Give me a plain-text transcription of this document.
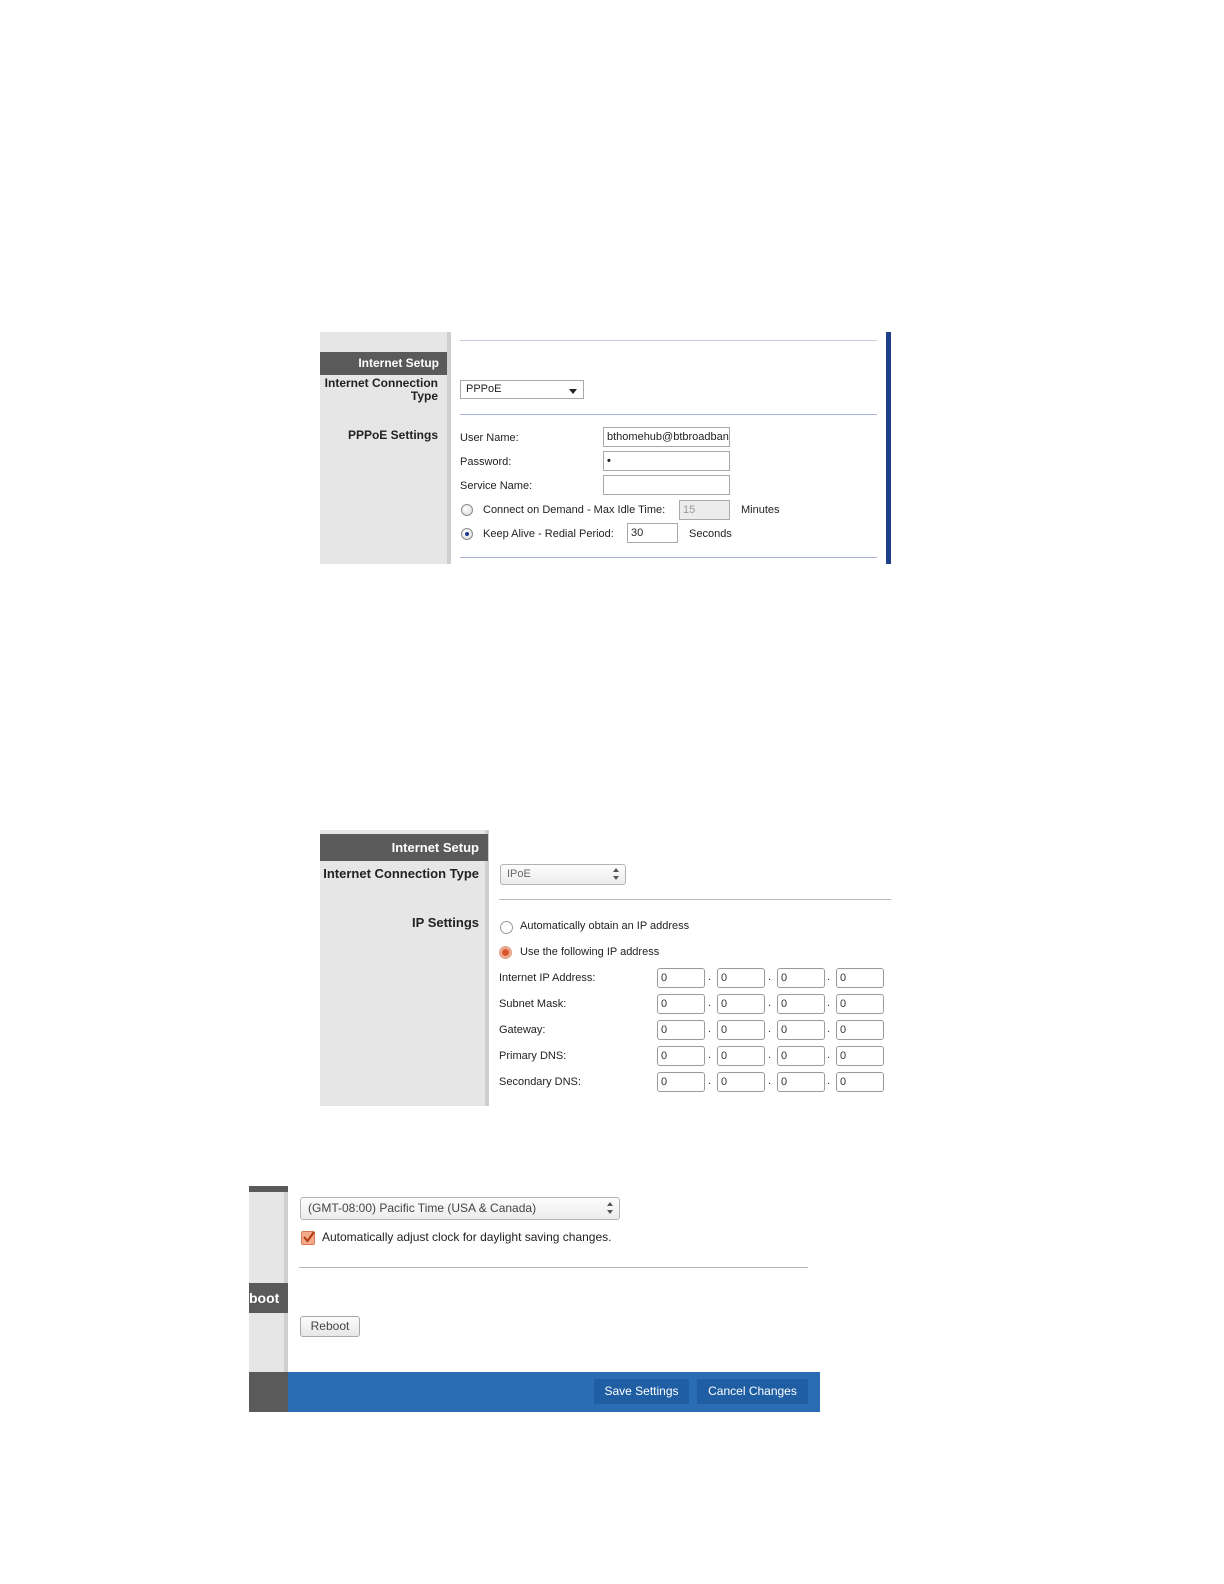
Internet Setup
Internet Connection
Type	PPPoE
PPPoE Settings User Name:	bthomehub@btbroadban
Password:	•
Service Name:
Connect on Demand - Max Idle Time:	15	Minutes
Keep Alive - Redial Period:	30	Seconds
Internet Setup
Internet Connection Type	IPoE
IP Settings	Automatically obtain an IP address
Use the following IP address
Internet IP Address:	0	. 0	. 0	. 0
Subnet Mask:	0	. 0	. 0	. 0
Gateway:	0	. 0	. 0	. 0
Primary DNS:	0	. 0	. 0	. 0
Secondary DNS:	0	. 0	. 0	. 0
(GMT-08:00) Pacific Time (USA & Canada)
Automatically adjust clock for daylight saving changes.
boot
Reboot
Save Settings	Cancel Changes
